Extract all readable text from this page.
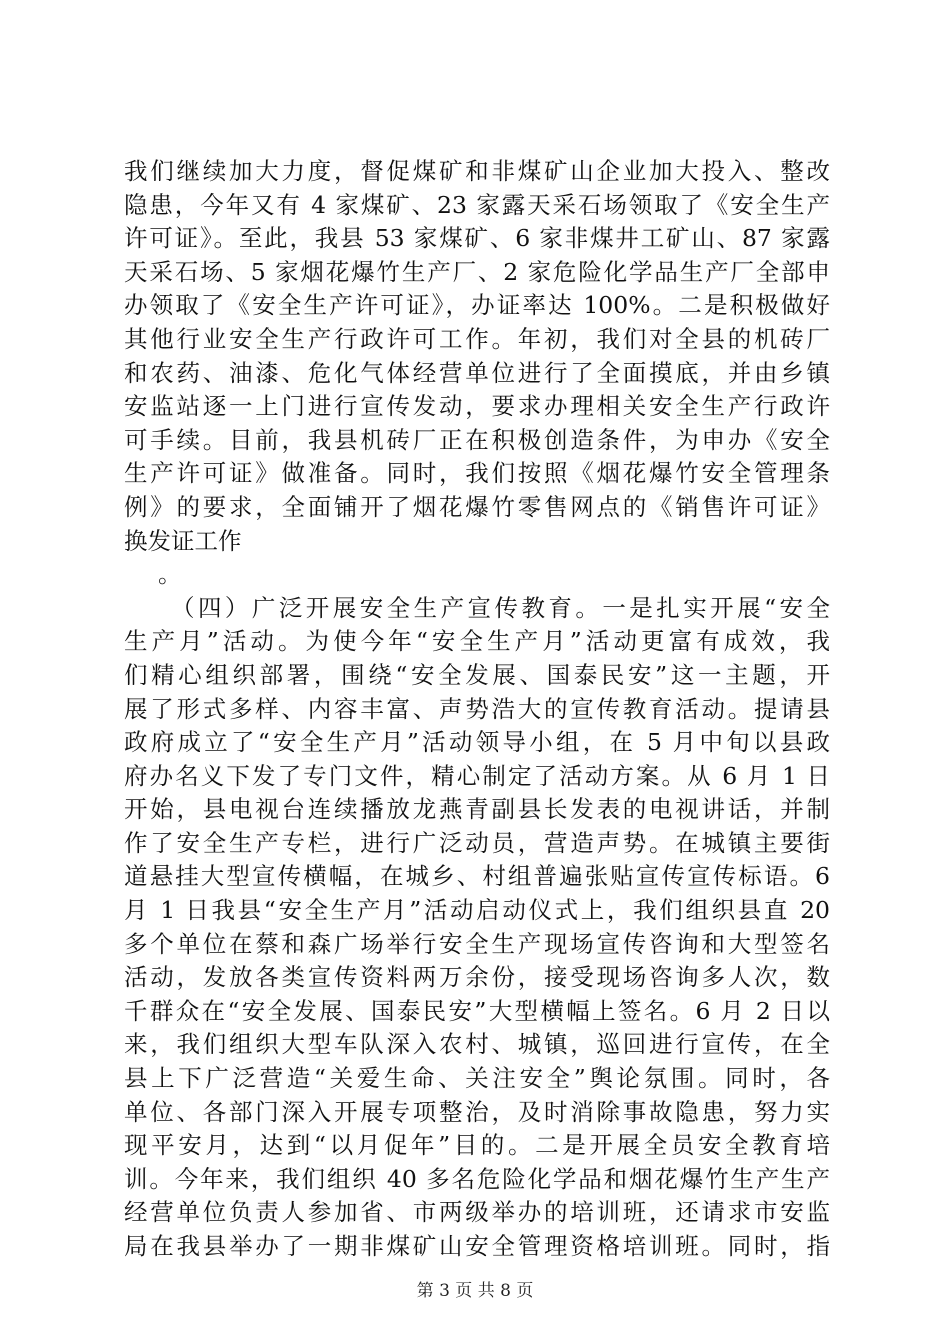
我们继续加大力度，督促煤矿和非煤矿山企业加大投入、整改
隐患，今年又有 4 家煤矿、23 家露天采石场领取了《安全生产
许可证》。至此，我县 53 家煤矿、6 家非煤井工矿山、87 家露
天采石场、5 家烟花爆竹生产厂、2 家危险化学品生产厂全部申
办领取了《安全生产许可证》，办证率达 100%。二是积极做好
其他行业安全生产行政许可工作。年初，我们对全县的机砖厂
和农药、油漆、危化气体经营单位进行了全面摸底，并由乡镇
安监站逐一上门进行宣传发动，要求办理相关安全生产行政许
可手续。目前，我县机砖厂正在积极创造条件，为申办《安全
生产许可证》做准备。同时，我们按照《烟花爆竹安全管理条
例》的要求，全面铺开了烟花爆竹零售网点的《销售许可证》
换发证工作
。
（四）广泛开展安全生产宣传教育。一是扎实开展“安全
生产月”活动。为使今年“安全生产月”活动更富有成效，我
们精心组织部署，围绕“安全发展、国泰民安”这一主题，开
展了形式多样、内容丰富、声势浩大的宣传教育活动。提请县
政府成立了“安全生产月”活动领导小组，在 5 月中旬以县政
府办名义下发了专门文件，精心制定了活动方案。从 6 月 1 日
开始，县电视台连续播放龙燕青副县长发表的电视讲话，并制
作了安全生产专栏，进行广泛动员，营造声势。在城镇主要街
道悬挂大型宣传横幅，在城乡、村组普遍张贴宣传宣传标语。6
月 1 日我县“安全生产月”活动启动仪式上，我们组织县直 20
多个单位在蔡和森广场举行安全生产现场宣传咨询和大型签名
活动，发放各类宣传资料两万余份，接受现场咨询多人次，数
千群众在“安全发展、国泰民安”大型横幅上签名。6 月 2 日以
来，我们组织大型车队深入农村、城镇，巡回进行宣传，在全
县上下广泛营造“关爱生命、关注安全”舆论氛围。同时，各
单位、各部门深入开展专项整治，及时消除事故隐患，努力实
现平安月，达到“以月促年”目的。二是开展全员安全教育培
训。今年来，我们组织 40 多名危险化学品和烟花爆竹生产生产
经营单位负责人参加省、市两级举办的培训班，还请求市安监
局在我县举办了一期非煤矿山安全管理资格培训班。同时，指
第 3 页 共 8 页
